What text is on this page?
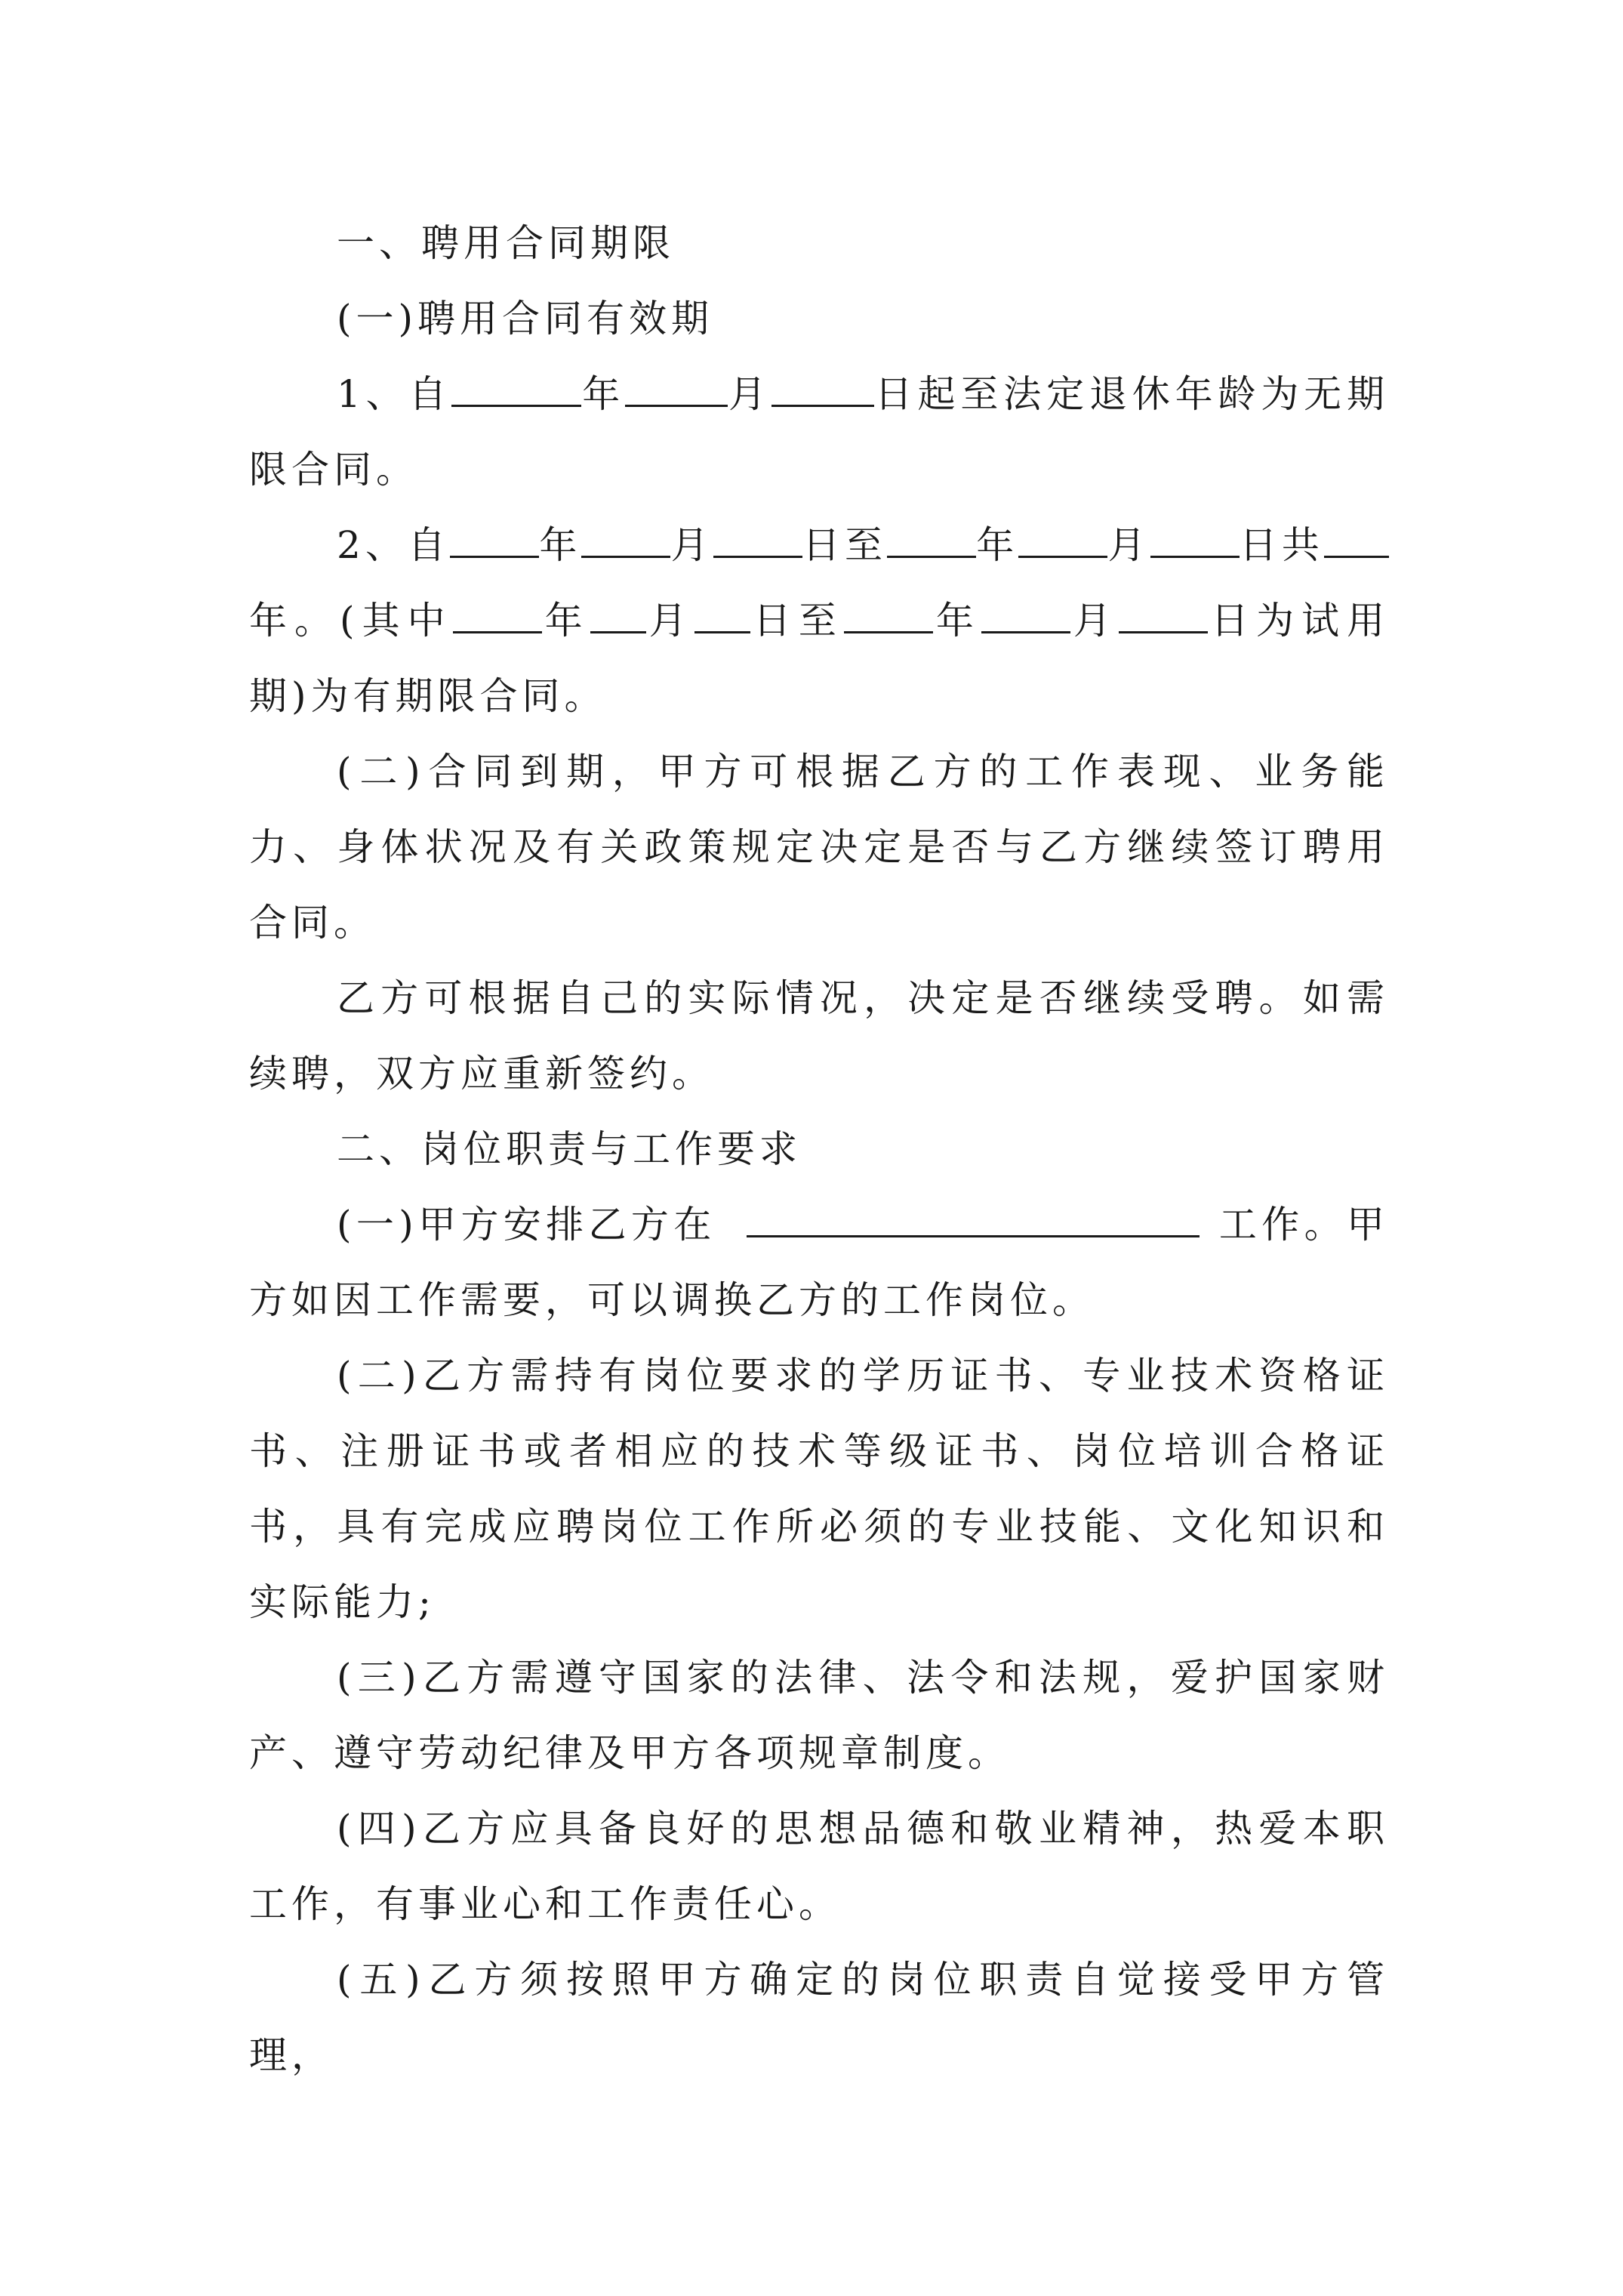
一、聘用合同期限

(一)聘用合同有效期

1、自	年	月	日起至法定退休年龄为无期限合同。

2、自 年 月 日至 年 月 日共年。(其中 年 月 日至 年 月 日为试用期)为有期限合同。

(二)合同到期，甲方可根据乙方的工作表现、业务能力、身体状况及有关政策规定决定是否与乙方继续签订聘用合同。

乙方可根据自己的实际情况，决定是否继续受聘。如需续聘，双方应重新签约。

二、岗位职责与工作要求

(一)甲方安排乙方在	工作。甲方如因工作需要，可以调换乙方的工作岗位。

(二)乙方需持有岗位要求的学历证书、专业技术资格证书、注册证书或者相应的技术等级证书、岗位培训合格证书，具有完成应聘岗位工作所必须的专业技能、文化知识和实际能力;

(三)乙方需遵守国家的法律、法令和法规，爱护国家财产、遵守劳动纪律及甲方各项规章制度。

(四)乙方应具备良好的思想品德和敬业精神，热爱本职工作，有事业心和工作责任心。

(五)乙方须按照甲方确定的岗位职责自觉接受甲方管理，
